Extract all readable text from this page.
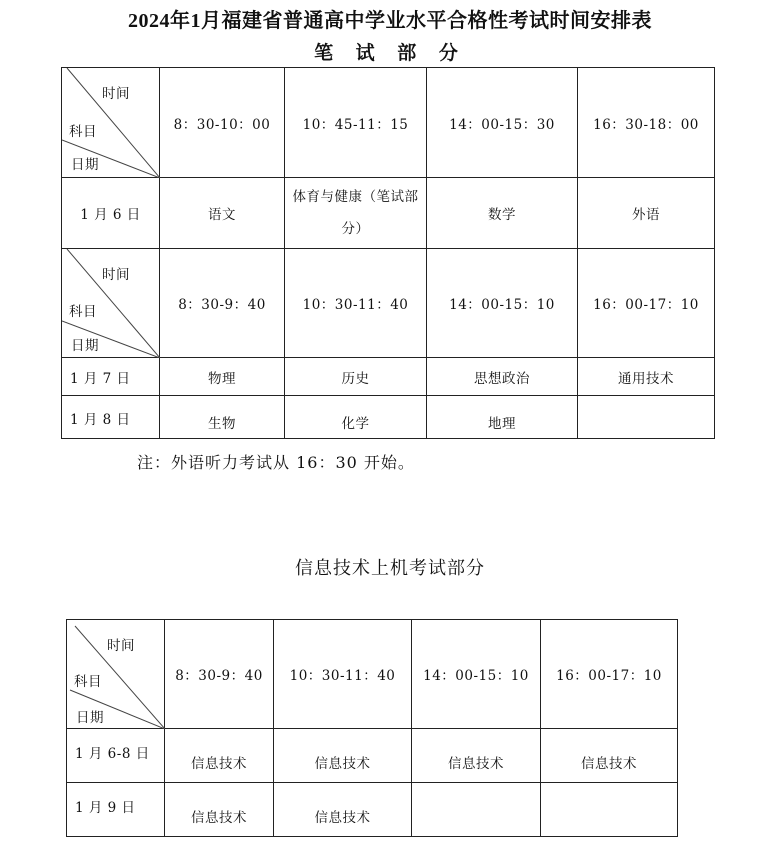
2024年1月福建省普通高中学业水平合格性考试时间安排表
笔 试 部 分
时间
科目
日期	8：30-10：00	10：45-11：15	14：00-15：30	16：30-18：00
1 月 6 日	语文	体育与健康（笔试部分）	数学	外语

时间
科目
日期	8：30-9：40	10：30-11：40	14：00-15：10	16：00-17：10
1 月 7 日	物理	历史	思想政治	通用技术
1 月 8 日	生物	化学	地理	
注：外语听力考试从 16：30 开始。
信息技术上机考试部分
时间
科目
日期	8：30-9：40	10：30-11：40	14：00-15：10	16：00-17：10
1 月 6-8 日	信息技术	信息技术	信息技术	信息技术
1 月 9 日	信息技术	信息技术		
